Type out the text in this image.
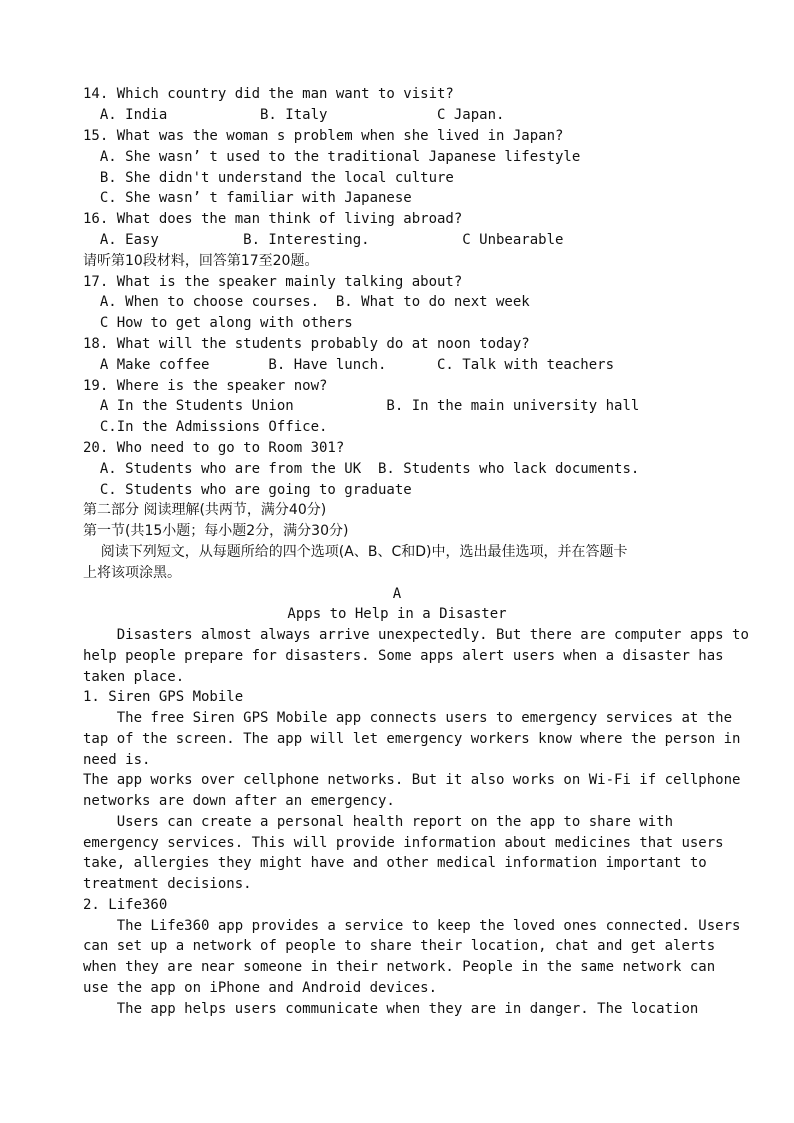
14. Which country did the man want to visit?
A. India           B. Italy             C Japan.
15. What was the woman s problem when she lived in Japan?
A. She wasn’ t used to the traditional Japanese lifestyle
B. She didn't understand the local culture
C. She wasn’ t familiar with Japanese
16. What does the man think of living abroad?
A. Easy          B. Interesting.           C Unbearable
请听第10段材料，回答第17至20题。
17. What is the speaker mainly talking about?
A. When to choose courses.  B. What to do next week
C How to get along with others
18. What will the students probably do at noon today?
A Make coffee       B. Have lunch.      C. Talk with teachers
19. Where is the speaker now?
A In the Students Union           B. In the main university hall
C.In the Admissions Office.
20. Who need to go to Room 301?
A. Students who are from the UK  B. Students who lack documents.
C. Students who are going to graduate
第二部分 阅读理解(共两节，满分40分)
第一节(共15小题；每小题2分，满分30分)
阅读下列短文，从每题所给的四个选项(A、B、C和D)中，选出最佳选项，并在答题卡
上将该项涂黑。
A
Apps to Help in a Disaster
Disasters almost always arrive unexpectedly. But there are computer apps to
help people prepare for disasters. Some apps alert users when a disaster has
taken place.
1. Siren GPS Mobile
The free Siren GPS Mobile app connects users to emergency services at the
tap of the screen. The app will let emergency workers know where the person in
need is.
The app works over cellphone networks. But it also works on Wi-Fi if cellphone
networks are down after an emergency.
Users can create a personal health report on the app to share with
emergency services. This will provide information about medicines that users
take, allergies they might have and other medical information important to
treatment decisions.
2. Life360
The Life360 app provides a service to keep the loved ones connected. Users
can set up a network of people to share their location, chat and get alerts
when they are near someone in their network. People in the same network can
use the app on iPhone and Android devices.
The app helps users communicate when they are in danger. The location
